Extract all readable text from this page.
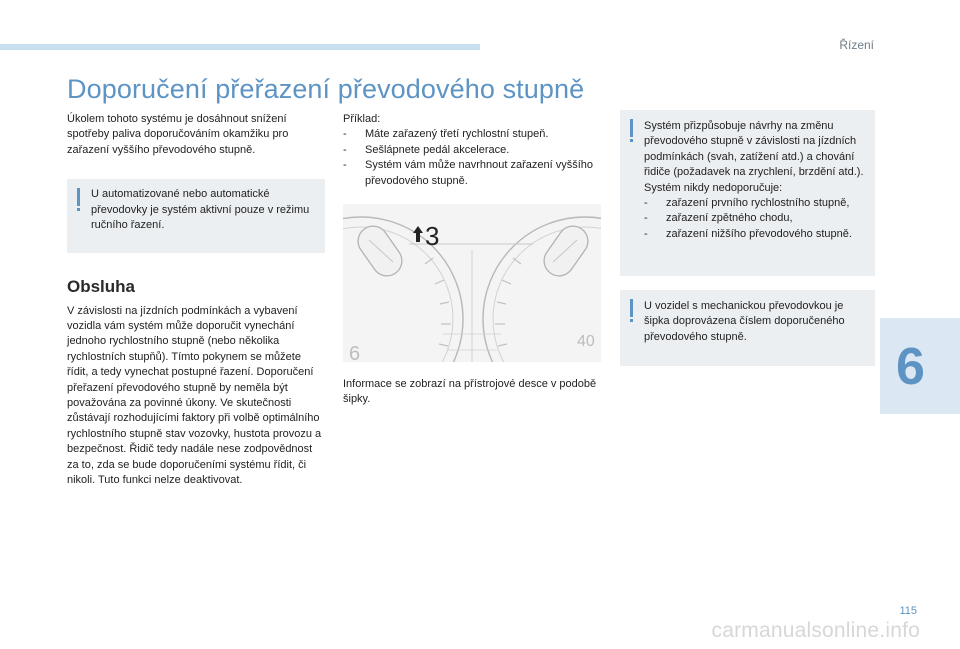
Řízení
Doporučení přeřazení převodového stupně

Úkolem tohoto systému je dosáhnout snížení spotřeby paliva doporučováním okamžiku pro zařazení vyššího převodového stupně.

U automatizované nebo automatické převodovky je systém aktivní pouze v režimu ručního řazení.

Obsluha

V závislosti na jízdních podmínkách a vybavení vozidla vám systém může doporučit vynechání jednoho rychlostního stupně (nebo několika rychlostních stupňů). Tímto pokynem se můžete řídit, a tedy vynechat postupné řazení. Doporučení přeřazení převodového stupně by neměla být považována za povinné úkony. Ve skutečnosti zůstávají rozhodujícími faktory při volbě optimálního rychlostního stupně stav vozovky, hustota provozu a bezpečnost. Řidič tedy nadále nese zodpovědnost za to, zda se bude doporučeními systému řídit, či nikoli. Tuto funkci nelze deaktivovat.

Příklad:

- Máte zařazený třetí rychlostní stupeň.
- Sešlápnete pedál akcelerace.
- Systém vám může navrhnout zařazení vyššího převodového stupně.
6
40
3

Informace se zobrazí na přístrojové desce v podobě šipky.

Systém přizpůsobuje návrhy na změnu převodového stupně v závislosti na jízdních podmínkách (svah, zatížení atd.) a chování řidiče (požadavek na zrychlení, brzdění atd.).

Systém nikdy nedoporučuje:

- zařazení prvního rychlostního stupně,
- zařazení zpětného chodu,
- zařazení nižšího převodového stupně.

U vozidel s mechanickou převodovkou je šipka doprovázena číslem doporučeného převodového stupně.

6
115
carmanualsonline.info
